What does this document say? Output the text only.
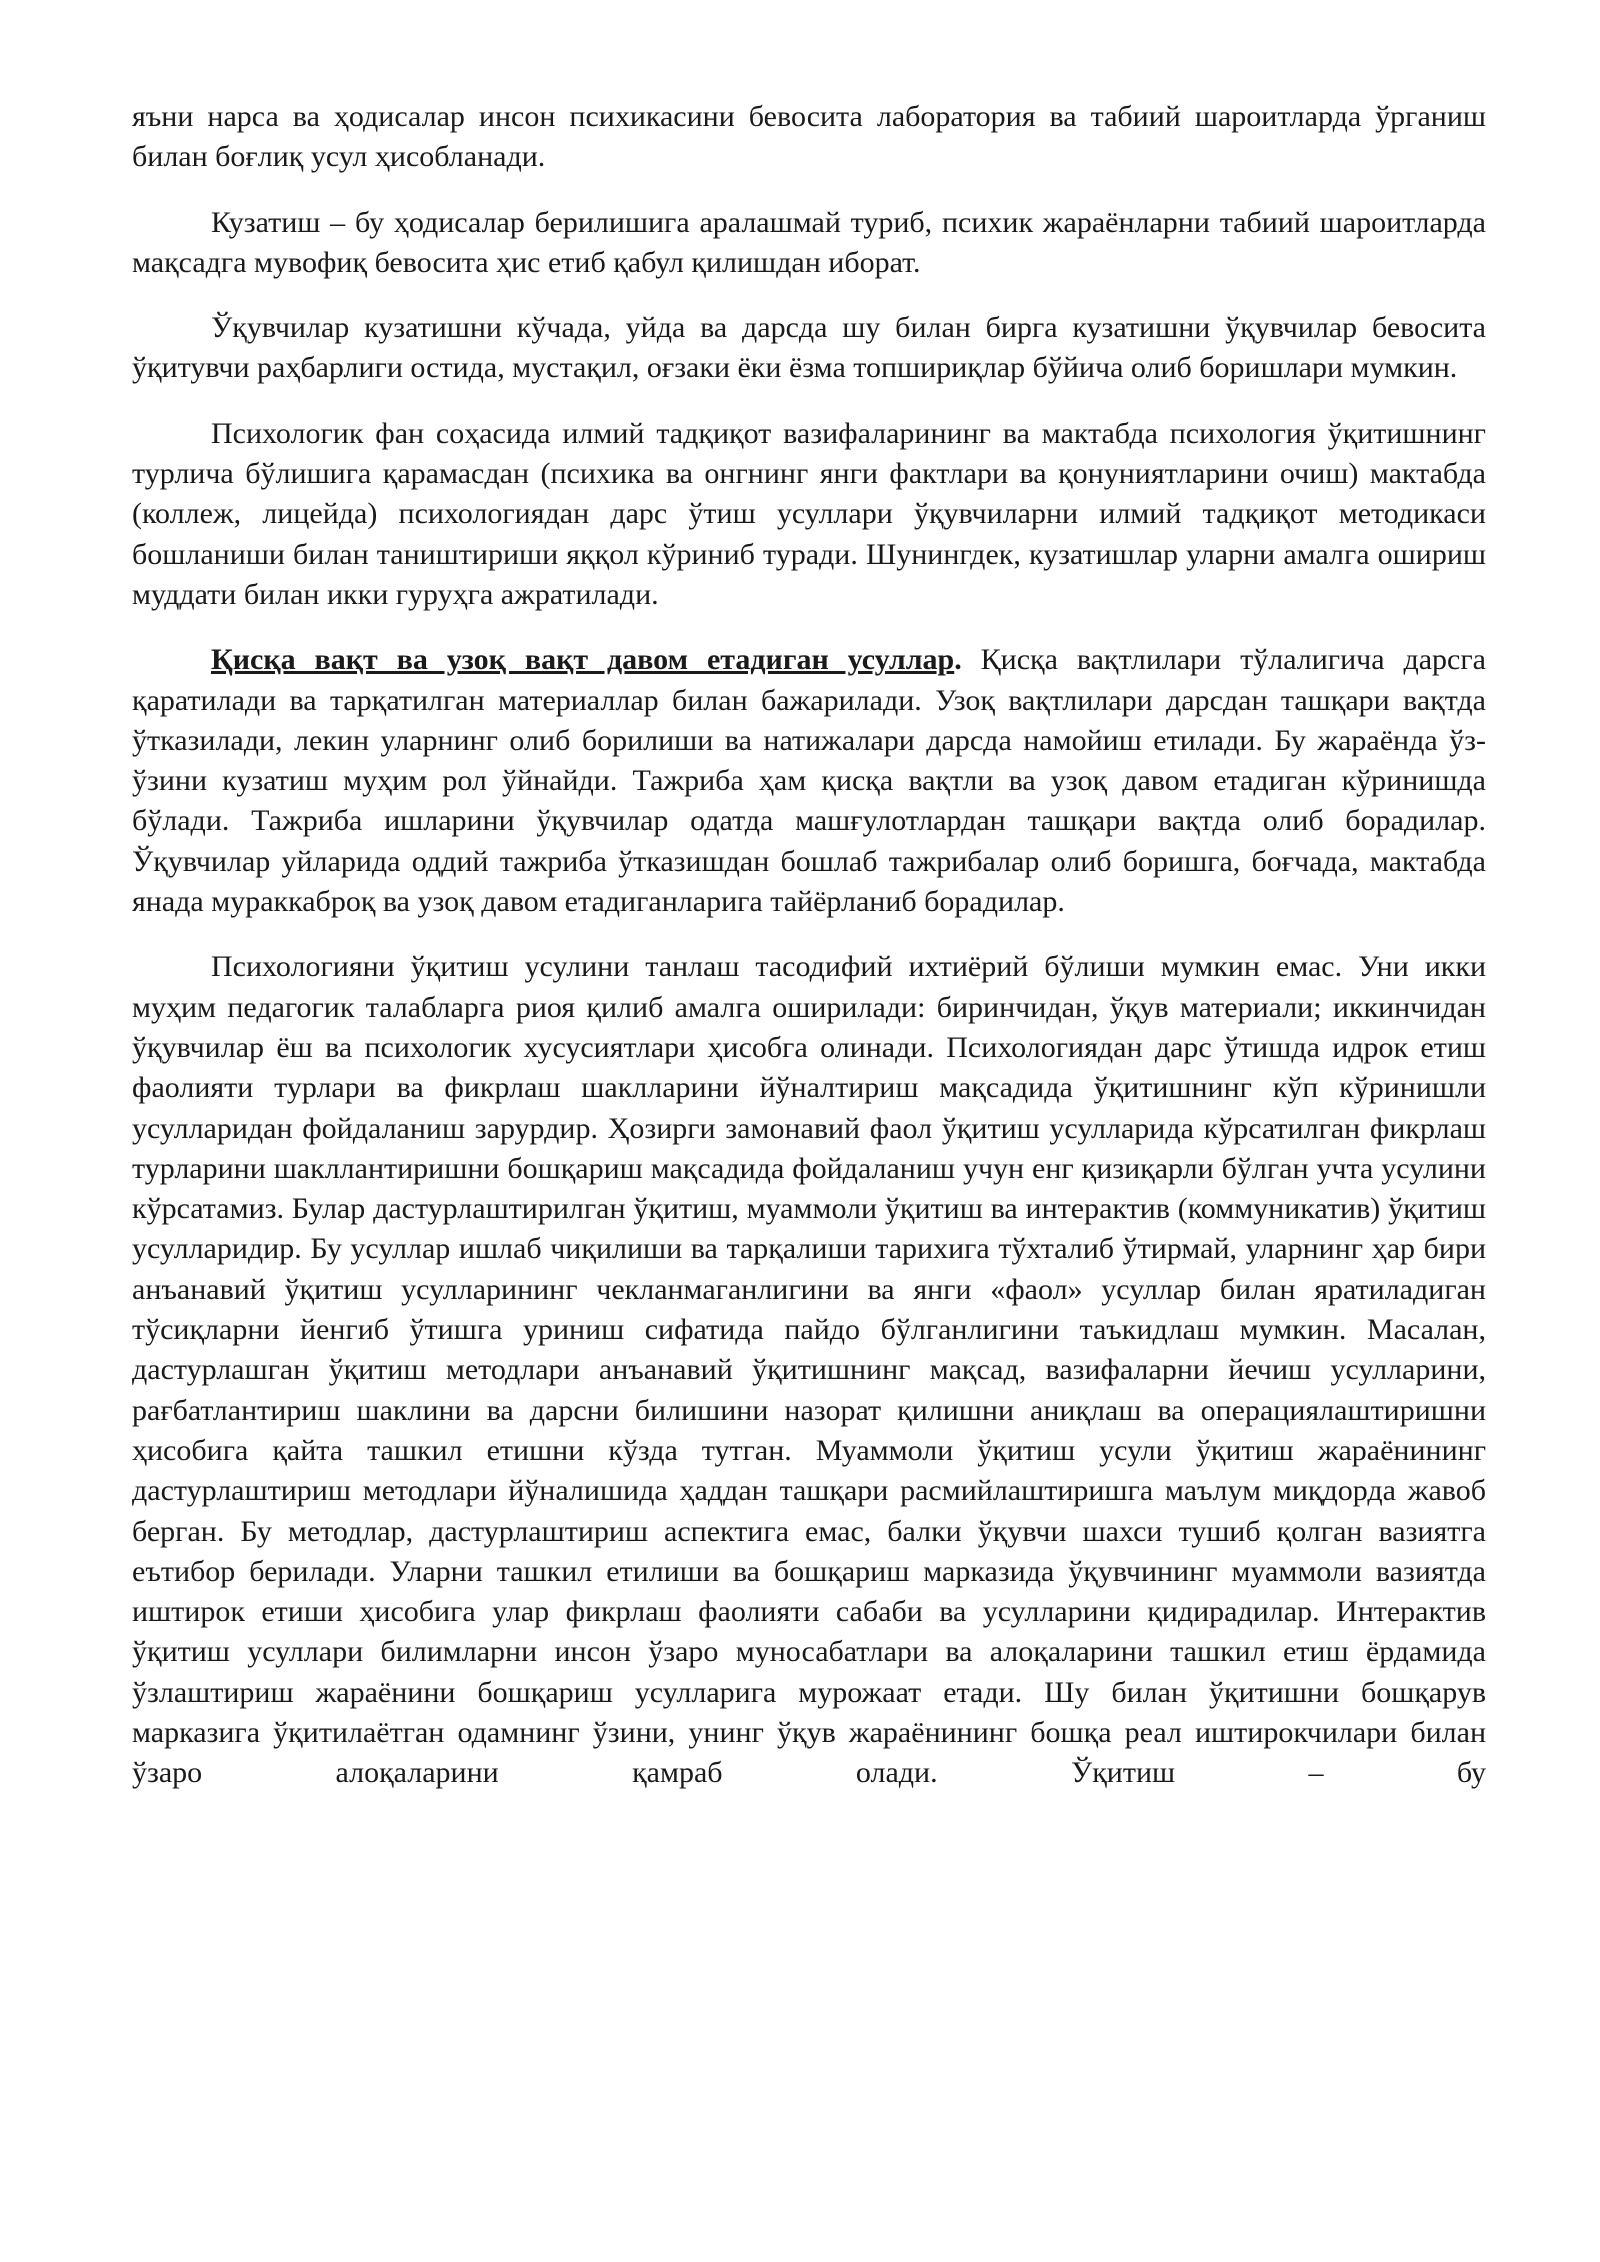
яъни нарса ва ҳодисалар инсон психикасини бевосита лаборатория ва табиий шароитларда ўрганиш билан боғлиқ усул ҳисобланади.

Кузатиш – бу ҳодисалар берилишига аралашмай туриб, психик жараёнларни табиий шароитларда мақсадга мувофиқ бевосита ҳис етиб қабул қилишдан иборат.

Ўқувчилар кузатишни кўчада, уйда ва дарсда шу билан бирга кузатишни ўқувчилар бевосита ўқитувчи раҳбарлиги остида, мустақил, оғзаки ёки ёзма топшириқлар бўйича олиб боришлари мумкин.

Психологик фан соҳасида илмий тадқиқот вазифаларининг ва мактабда психология ўқитишнинг турлича бўлишига қарамасдан (психика ва онгнинг янги фактлари ва қонуниятларини очиш) мактабда (коллеж, лицейда) психологиядан дарс ўтиш усуллари ўқувчиларни илмий тадқиқот методикаси бошланиши билан таништириши яққол кўриниб туради. Шунингдек, кузатишлар уларни амалга ошириш муддати билан икки гуруҳга ажратилади.

Қисқа вақт ва узоқ вақт давом етадиган усуллар. Қисқа вақтлилари тўлалигича дарсга қаратилади ва тарқатилган материаллар билан бажарилади. Узоқ вақтлилари дарсдан ташқари вақтда ўтказилади, лекин уларнинг олиб борилиши ва натижалари дарсда намойиш етилади. Бу жараёнда ўз-ўзини кузатиш муҳим рол ўйнайди. Тажриба ҳам қисқа вақтли ва узоқ давом етадиган кўринишда бўлади. Тажриба ишларини ўқувчилар одатда машғулотлардан ташқари вақтда олиб борадилар. Ўқувчилар уйларида оддий тажриба ўтказишдан бошлаб тажрибалар олиб боришга, боғчада, мактабда янада мураккаброқ ва узоқ давом етадиганларига тайёрланиб борадилар.

Психологияни ўқитиш усулини танлаш тасодифий ихтиёрий бўлиши мумкин емас. Уни икки муҳим педагогик талабларга риоя қилиб амалга оширилади: биринчидан, ўқув материали; иккинчидан ўқувчилар ёш ва психологик хусусиятлари ҳисобга олинади. Психологиядан дарс ўтишда идрок етиш фаолияти турлари ва фикрлаш шаклларини йўналтириш мақсадида ўқитишнинг кўп кўринишли усулларидан фойдаланиш зарурдир. Ҳозирги замонавий фаол ўқитиш усулларида кўрсатилган фикрлаш турларини шакллантиришни бошқариш мақсадида фойдаланиш учун енг қизиқарли бўлган учта усулини кўрсатамиз. Булар дастурлаштирилган ўқитиш, муаммоли ўқитиш ва интерактив (коммуникатив) ўқитиш усулларидир. Бу усуллар ишлаб чиқилиши ва тарқалиши тарихига тўхталиб ўтирмай, уларнинг ҳар бири анъанавий ўқитиш усулларининг чекланмаганлигини ва янги «фаол» усуллар билан яратиладиган тўсиқларни йенгиб ўтишга уриниш сифатида пайдо бўлганлигини таъкидлаш мумкин. Масалан, дастурлашган ўқитиш методлари анъанавий ўқитишнинг мақсад, вазифаларни йечиш усулларини, рағбатлантириш шаклини ва дарсни билишини назорат қилишни аниқлаш ва операциялаштиришни ҳисобига қайта ташкил етишни кўзда тутган. Муаммоли ўқитиш усули ўқитиш жараёнининг дастурлаштириш методлари йўналишида ҳаддан ташқари расмийлаштиришга маълум миқдорда жавоб берган. Бу методлар, дастурлаштириш аспектига емас, балки ўқувчи шахси тушиб қолган вазиятга еътибор берилади. Уларни ташкил етилиши ва бошқариш марказида ўқувчининг муаммоли вазиятда иштирок етиши ҳисобига улар фикрлаш фаолияти сабаби ва усулларини қидирадилар. Интерактив ўқитиш усуллари билимларни инсон ўзаро муносабатлари ва алоқаларини ташкил етиш ёрдамида ўзлаштириш жараёнини бошқариш усулларига мурожаат етади. Шу билан ўқитишни бошқарув марказига ўқитилаётган одамнинг ўзини, унинг ўқув жараёнининг бошқа реал иштирокчилари билан ўзаро алоқаларини қамраб олади. Ўқитиш – бу
